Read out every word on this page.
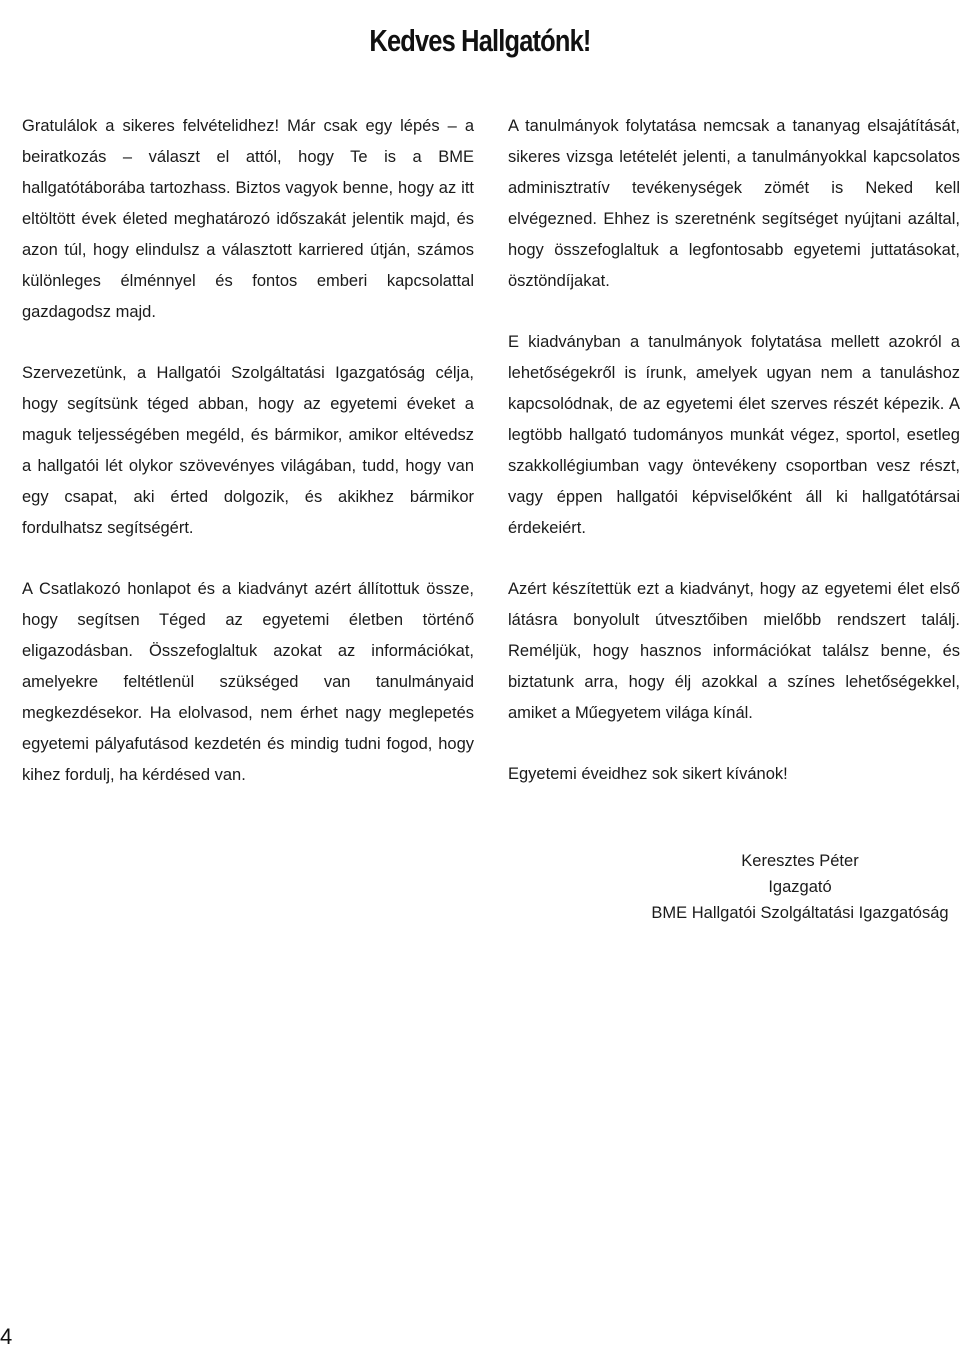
Kedves Hallgatónk!

Gratulálok a sikeres felvételidhez! Már csak egy lépés – a beiratkozás – választ el attól, hogy Te is a BME hallgatótáborába tartozhass. Biztos vagyok benne, hogy az itt eltöltött évek életed meghatározó időszakát jelentik majd, és azon túl, hogy elindulsz a választott karriered útján, számos különleges élménnyel és fontos emberi kapcsolattal gazdagodsz majd.

Szervezetünk, a Hallgatói Szolgáltatási Igazgatóság célja, hogy segítsünk téged abban, hogy az egyetemi éveket a maguk teljességében megéld, és bármikor, amikor eltévedsz a hallgatói lét olykor szövevényes világában, tudd, hogy van egy csapat, aki érted dolgozik, és akikhez bármikor fordulhatsz segítségért.

A Csatlakozó honlapot és a kiadványt azért állítottuk össze, hogy segítsen Téged az egyetemi életben történő eligazodásban. Összefoglaltuk azokat az információkat, amelyekre feltétlenül szükséged van tanulmányaid megkezdésekor. Ha elolvasod, nem érhet nagy meglepetés egyetemi pályafutásod kezdetén és mindig tudni fogod, hogy kihez fordulj, ha kérdésed van.

A tanulmányok folytatása nemcsak a tananyag elsajátítását, sikeres vizsga letételét jelenti, a tanulmányokkal kapcsolatos adminisztratív tevékenységek zömét is Neked kell elvégezned. Ehhez is szeretnénk segítséget nyújtani azáltal, hogy összefoglaltuk a legfontosabb egyetemi juttatásokat, ösztöndíjakat.

E kiadványban a tanulmányok folytatása mellett azokról a lehetőségekről is írunk, amelyek ugyan nem a tanuláshoz kapcsolódnak, de az egyetemi élet szerves részét képezik. A legtöbb hallgató tudományos munkát végez, sportol, esetleg szakkollégiumban vagy öntevékeny csoportban vesz részt, vagy éppen hallgatói képviselőként áll ki hallgatótársai érdekeiért.

Azért készítettük ezt a kiadványt, hogy az egyetemi élet első látásra bonyolult útvesztőiben mielőbb rendszert találj. Reméljük, hogy hasznos információkat találsz benne, és biztatunk arra, hogy élj azokkal a színes lehetőségekkel, amiket a Műegyetem világa kínál.

Egyetemi éveidhez sok sikert kívánok!

Keresztes Péter
Igazgató
BME Hallgatói Szolgáltatási Igazgatóság
4
